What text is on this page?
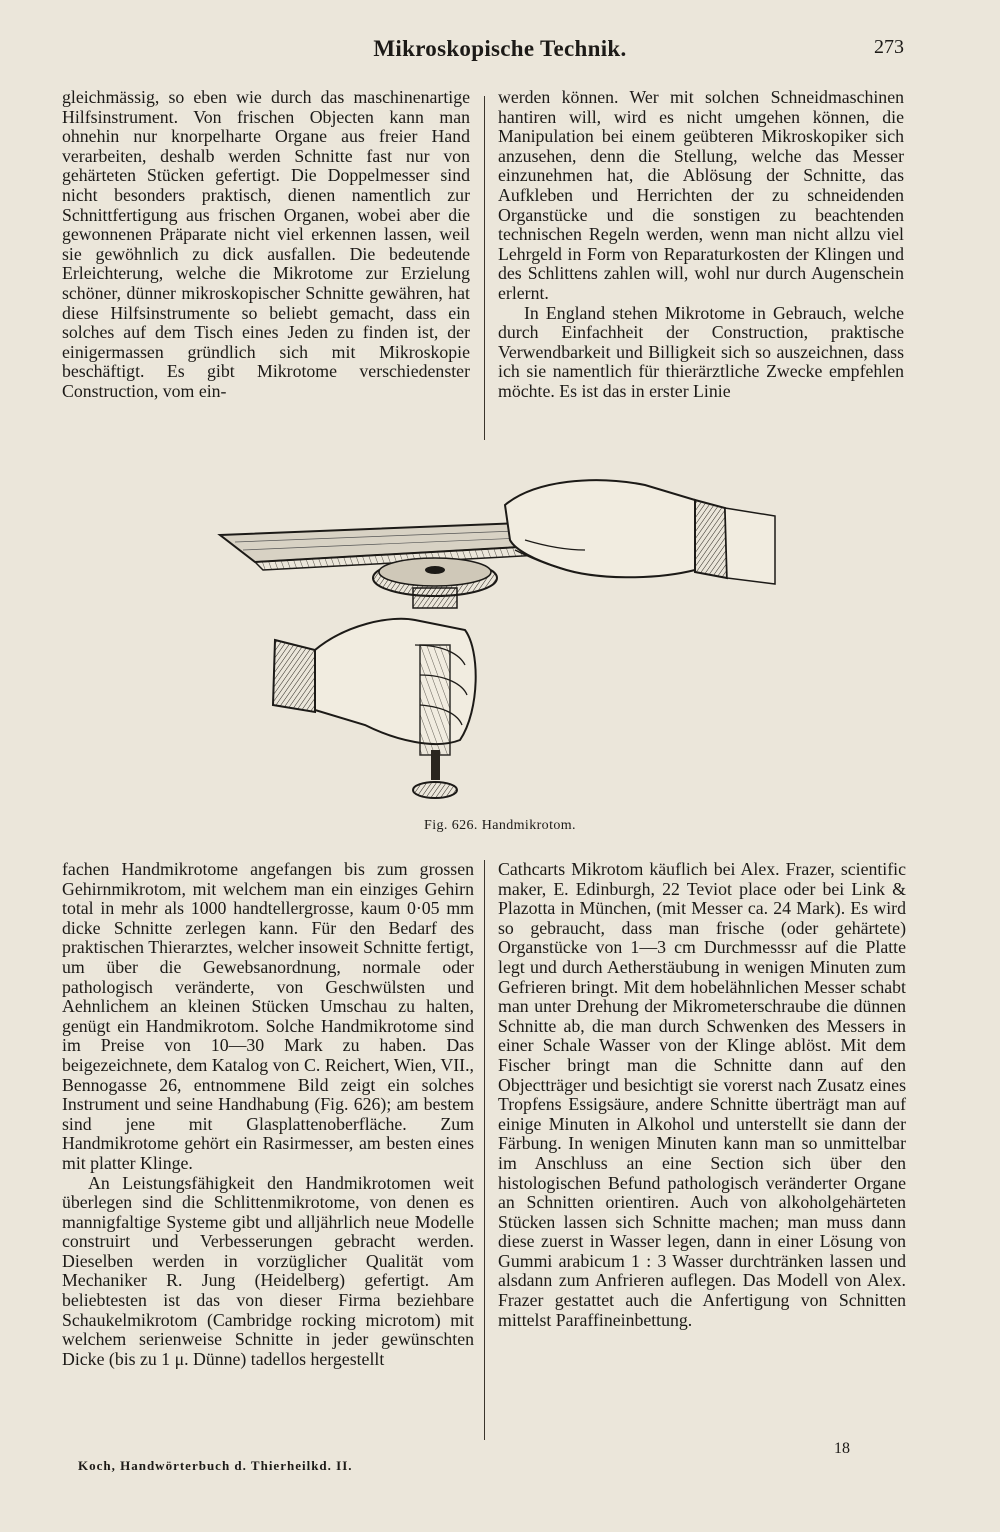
Mikroskopische Technik.	273

gleichmässig, so eben wie durch das maschinenartige Hilfsinstrument. Von frischen Objecten kann man ohnehin nur knorpelharte Organe aus freier Hand verarbeiten, deshalb werden Schnitte fast nur von gehärteten Stücken gefertigt. Die Doppelmesser sind nicht besonders praktisch, dienen namentlich zur Schnittfertigung aus frischen Organen, wobei aber die gewonnenen Präparate nicht viel erkennen lassen, weil sie gewöhnlich zu dick ausfallen. Die bedeutende Erleichterung, welche die Mikrotome zur Erzielung schöner, dünner mikroskopischer Schnitte gewähren, hat diese Hilfsinstrumente so beliebt gemacht, dass ein solches auf dem Tisch eines Jeden zu finden ist, der einigermassen gründlich sich mit Mikroskopie beschäftigt. Es gibt Mikrotome verschiedenster Construction, vom ein-

werden können. Wer mit solchen Schneidmaschinen hantiren will, wird es nicht umgehen können, die Manipulation bei einem geübteren Mikroskopiker sich anzusehen, denn die Stellung, welche das Messer einzunehmen hat, die Ablösung der Schnitte, das Aufkleben und Herrichten der zu schneidenden Organstücke und die sonstigen zu beachtenden technischen Regeln werden, wenn man nicht allzu viel Lehrgeld in Form von Reparaturkosten der Klingen und des Schlittens zahlen will, wohl nur durch Augenschein erlernt.

In England stehen Mikrotome in Gebrauch, welche durch Einfachheit der Construction, praktische Verwendbarkeit und Billigkeit sich so auszeichnen, dass ich sie namentlich für thierärztliche Zwecke empfehlen möchte. Es ist das in erster Linie

Fig. 626. Handmikrotom.

fachen Handmikrotome angefangen bis zum grossen Gehirnmikrotom, mit welchem man ein einziges Gehirn total in mehr als 1000 handtellergrosse, kaum 0·05 mm dicke Schnitte zerlegen kann. Für den Bedarf des praktischen Thierarztes, welcher insoweit Schnitte fertigt, um über die Gewebsanordnung, normale oder pathologisch veränderte, von Geschwülsten und Aehnlichem an kleinen Stücken Umschau zu halten, genügt ein Handmikrotom. Solche Handmikrotome sind im Preise von 10—30 Mark zu haben. Das beigezeichnete, dem Katalog von C. Reichert, Wien, VII., Bennogasse 26, entnommene Bild zeigt ein solches Instrument und seine Handhabung (Fig. 626); am bestem sind jene mit Glasplattenoberfläche. Zum Handmikrotome gehört ein Rasirmesser, am besten eines mit platter Klinge.

An Leistungsfähigkeit den Handmikrotomen weit überlegen sind die Schlittenmikrotome, von denen es mannigfaltige Systeme gibt und alljährlich neue Modelle construirt und Verbesserungen gebracht werden. Dieselben werden in vorzüglicher Qualität vom Mechaniker R. Jung (Heidelberg) gefertigt. Am beliebtesten ist das von dieser Firma beziehbare Schaukelmikrotom (Cambridge rocking microtom) mit welchem serienweise Schnitte in jeder gewünschten Dicke (bis zu 1 μ. Dünne) tadellos hergestellt

Cathcarts Mikrotom käuflich bei Alex. Frazer, scientific maker, E. Edinburgh, 22 Teviot place oder bei Link & Plazotta in München, (mit Messer ca. 24 Mark). Es wird so gebraucht, dass man frische (oder gehärtete) Organstücke von 1—3 cm Durchmesssr auf die Platte legt und durch Aetherstäubung in wenigen Minuten zum Gefrieren bringt. Mit dem hobelähnlichen Messer schabt man unter Drehung der Mikrometerschraube die dünnen Schnitte ab, die man durch Schwenken des Messers in einer Schale Wasser von der Klinge ablöst. Mit dem Fischer bringt man die Schnitte dann auf den Objectträger und besichtigt sie vorerst nach Zusatz eines Tropfens Essigsäure, andere Schnitte überträgt man auf einige Minuten in Alkohol und unterstellt sie dann der Färbung. In wenigen Minuten kann man so unmittelbar im Anschluss an eine Section sich über den histologischen Befund pathologisch veränderter Organe an Schnitten orientiren. Auch von alkoholgehärteten Stücken lassen sich Schnitte machen; man muss dann diese zuerst in Wasser legen, dann in einer Lösung von Gummi arabicum 1 : 3 Wasser durchtränken lassen und alsdann zum Anfrieren auflegen. Das Modell von Alex. Frazer gestattet auch die Anfertigung von Schnitten mittelst Paraffineinbettung.

Koch, Handwörterbuch d. Thierheilkd. II.
18
